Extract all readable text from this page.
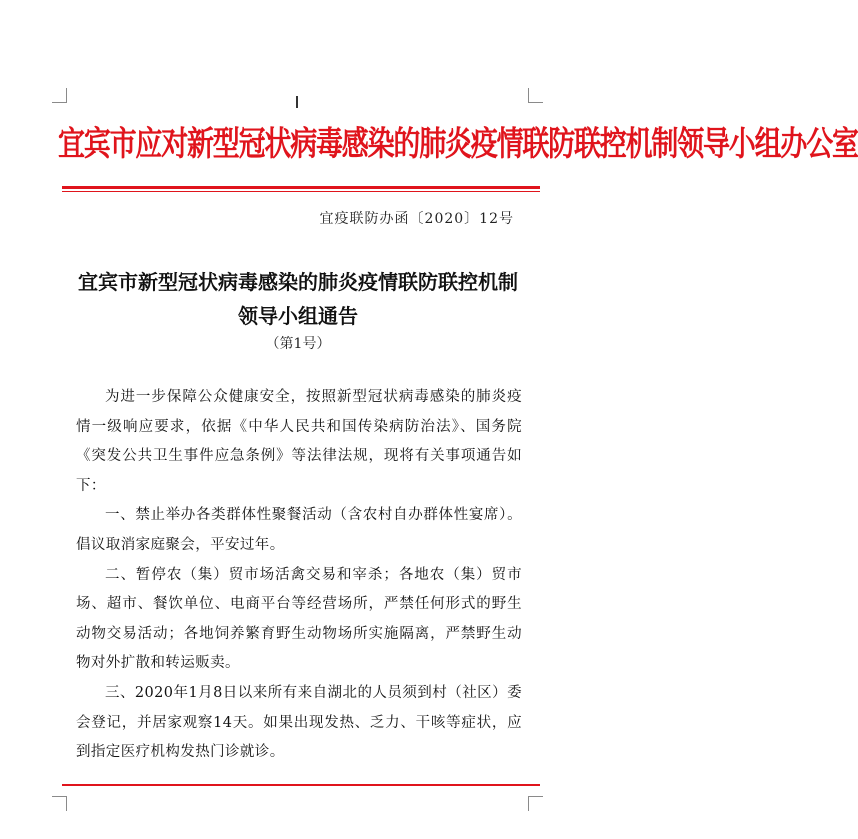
宜宾市应对新型冠状病毒感染的肺炎疫情联防联控机制领导小组办公室
宜疫联防办函〔2020〕12号
宜宾市新型冠状病毒感染的肺炎疫情联防联控机制
领导小组通告
（第1号）

为进一步保障公众健康安全，按照新型冠状病毒感染的肺炎疫情一级响应要求，依据《中华人民共和国传染病防治法》、国务院《突发公共卫生事件应急条例》等法律法规，现将有关事项通告如下：

一、禁止举办各类群体性聚餐活动（含农村自办群体性宴席）。倡议取消家庭聚会，平安过年。

二、暂停农（集）贸市场活禽交易和宰杀；各地农（集）贸市场、超市、餐饮单位、电商平台等经营场所，严禁任何形式的野生动物交易活动；各地饲养繁育野生动物场所实施隔离，严禁野生动物对外扩散和转运贩卖。

三、2020年1月8日以来所有来自湖北的人员须到村（社区）委会登记，并居家观察14天。如果出现发热、乏力、干咳等症状，应到指定医疗机构发热门诊就诊。
